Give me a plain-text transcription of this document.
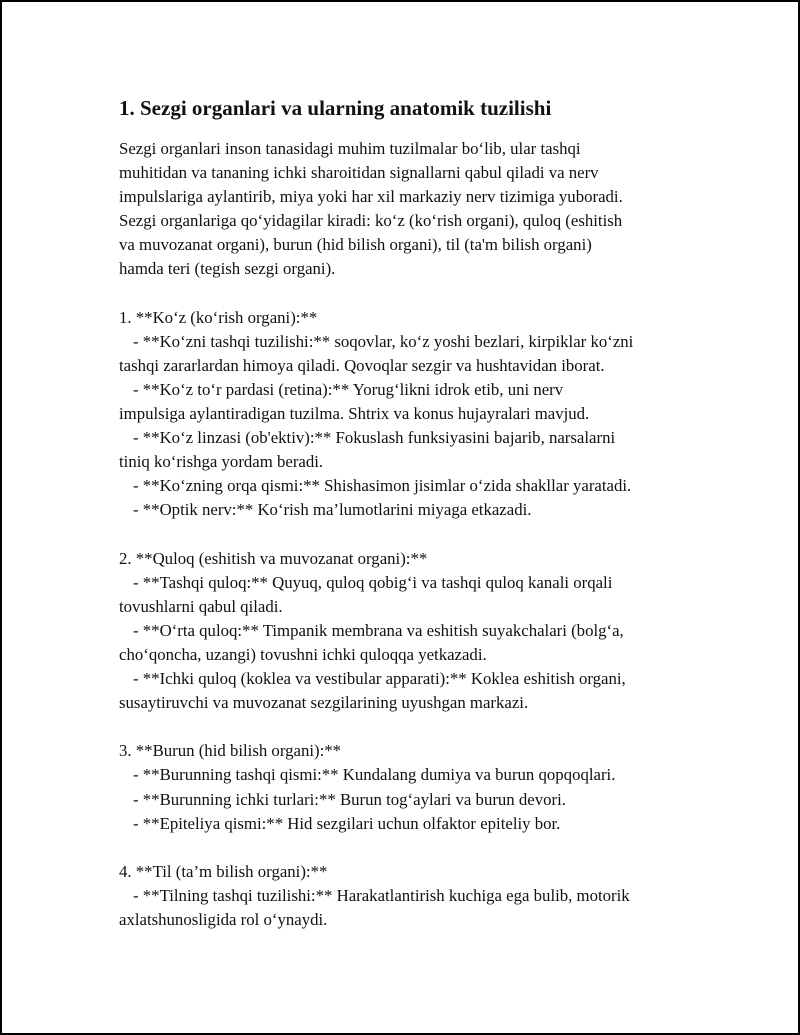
1. Sezgi organlari va ularning anatomik tuzilishi
Sezgi organlari inson tanasidagi muhim tuzilmalar bo‘lib, ular tashqi
muhitidan va tananing ichki sharoitidan signallarni qabul qiladi va nerv
impulslariga aylantirib, miya yoki har xil markaziy nerv tizimiga yuboradi.
Sezgi organlariga qo‘yidagilar kiradi: ko‘z (ko‘rish organi), quloq (eshitish
va muvozanat organi), burun (hid bilish organi), til (ta'm bilish organi)
hamda teri (tegish sezgi organi).
1. **Ko‘z (ko‘rish organi):**
- **Ko‘zni tashqi tuzilishi:** soqovlar, ko‘z yoshi bezlari, kirpiklar ko‘zni
tashqi zararlardan himoya qiladi. Qovoqlar sezgir va hushtavidan iborat.
- **Ko‘z to‘r pardasi (retina):** Yorug‘likni idrok etib, uni nerv
impulsiga aylantiradigan tuzilma. Shtrix va konus hujayralari mavjud.
- **Ko‘z linzasi (ob'ektiv):** Fokuslash funksiyasini bajarib, narsalarni
tiniq ko‘rishga yordam beradi.
- **Ko‘zning orqa qismi:** Shishasimon jisimlar o‘zida shakllar yaratadi.
- **Optik nerv:** Ko‘rish ma’lumotlarini miyaga etkazadi.
2. **Quloq (eshitish va muvozanat organi):**
- **Tashqi quloq:** Quyuq, quloq qobig‘i va tashqi quloq kanali orqali
tovushlarni qabul qiladi.
- **O‘rta quloq:** Timpanik membrana va eshitish suyakchalari (bolg‘a,
cho‘qoncha, uzangi) tovushni ichki quloqqa yetkazadi.
- **Ichki quloq (koklea va vestibular apparati):** Koklea eshitish organi,
susaytiruvchi va muvozanat sezgilarining uyushgan markazi.
3. **Burun (hid bilish organi):**
- **Burunning tashqi qismi:** Kundalang dumiya va burun qopqoqlari.
- **Burunning ichki turlari:** Burun tog‘aylari va burun devori.
- **Epiteliya qismi:** Hid sezgilari uchun olfaktor epiteliy bor.
4. **Til (ta’m bilish organi):**
- **Tilning tashqi tuzilishi:** Harakatlantirish kuchiga ega bulib, motorik
axlatshunosligida rol o‘ynaydi.
